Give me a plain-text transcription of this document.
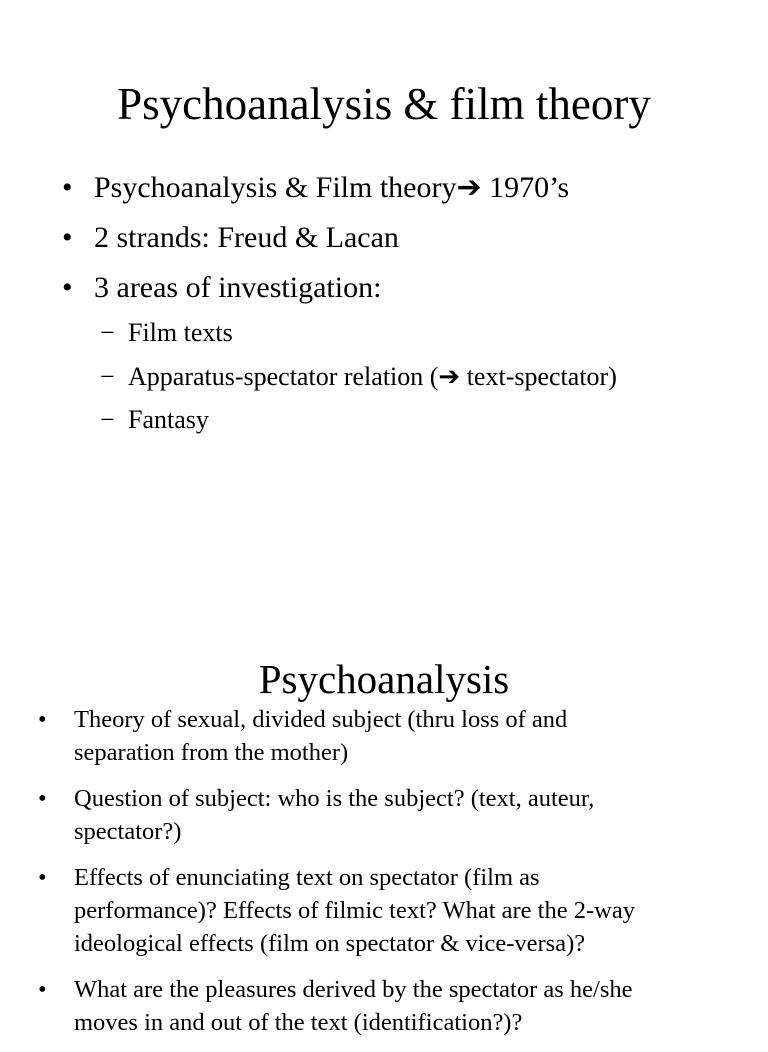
Psychoanalysis & film theory
• Psychoanalysis & Film theory➔ 1970’s
• 2 strands: Freud & Lacan
• 3 areas of investigation:
− Film texts
− Apparatus-spectator relation (➔ text-spectator)
− Fantasy
Psychoanalysis
• Theory of sexual, divided subject (thru loss of and
separation from the mother)
• Question of subject: who is the subject? (text, auteur,
spectator?)
• Effects of enunciating text on spectator (film as
performance)? Effects of filmic text? What are the 2-way
ideological effects (film on spectator & vice-versa)?
• What are the pleasures derived by the spectator as he/she
moves in and out of the text (identification?)?
